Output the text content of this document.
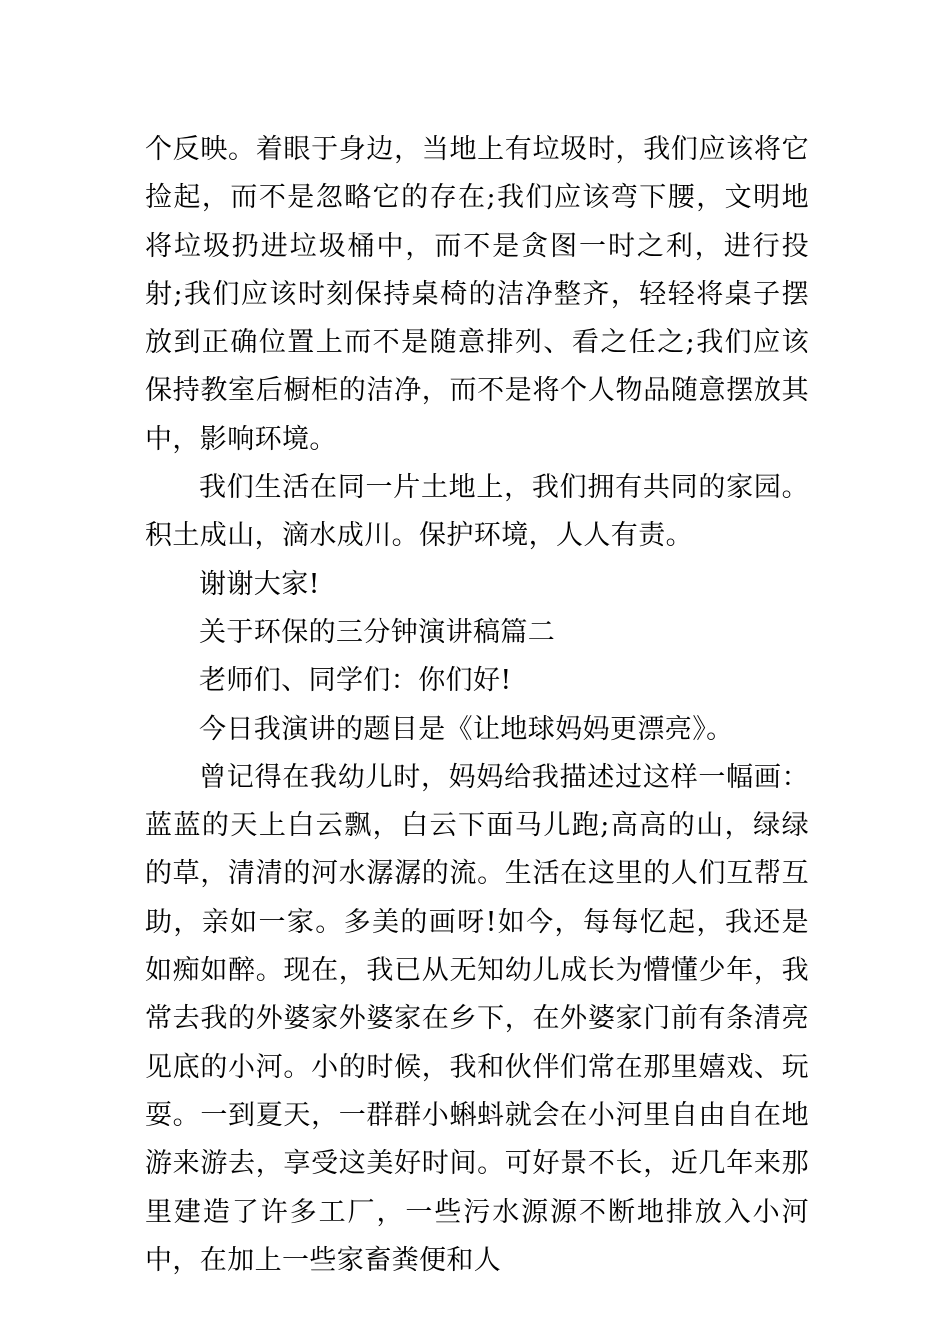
个反映。着眼于身边，当地上有垃圾时，我们应该将它捡起，而不是忽略它的存在;我们应该弯下腰，文明地将垃圾扔进垃圾桶中，而不是贪图一时之利，进行投射;我们应该时刻保持桌椅的洁净整齐，轻轻将桌子摆放到正确位置上而不是随意排列、看之任之;我们应该保持教室后橱柜的洁净，而不是将个人物品随意摆放其中，影响环境。

我们生活在同一片土地上，我们拥有共同的家园。积土成山，滴水成川。保护环境，人人有责。

谢谢大家!

关于环保的三分钟演讲稿篇二

老师们、同学们：你们好!

今日我演讲的题目是《让地球妈妈更漂亮》。

曾记得在我幼儿时，妈妈给我描述过这样一幅画：蓝蓝的天上白云飘，白云下面马儿跑;高高的山，绿绿的草，清清的河水潺潺的流。生活在这里的人们互帮互助，亲如一家。多美的画呀!如今，每每忆起，我还是如痴如醉。现在，我已从无知幼儿成长为懵懂少年，我常去我的外婆家外婆家在乡下，在外婆家门前有条清亮见底的小河。小的时候，我和伙伴们常在那里嬉戏、玩耍。一到夏天，一群群小蝌蚪就会在小河里自由自在地游来游去，享受这美好时间。可好景不长，近几年来那里建造了许多工厂，一些污水源源不断地排放入小河中，在加上一些家畜粪便和人
